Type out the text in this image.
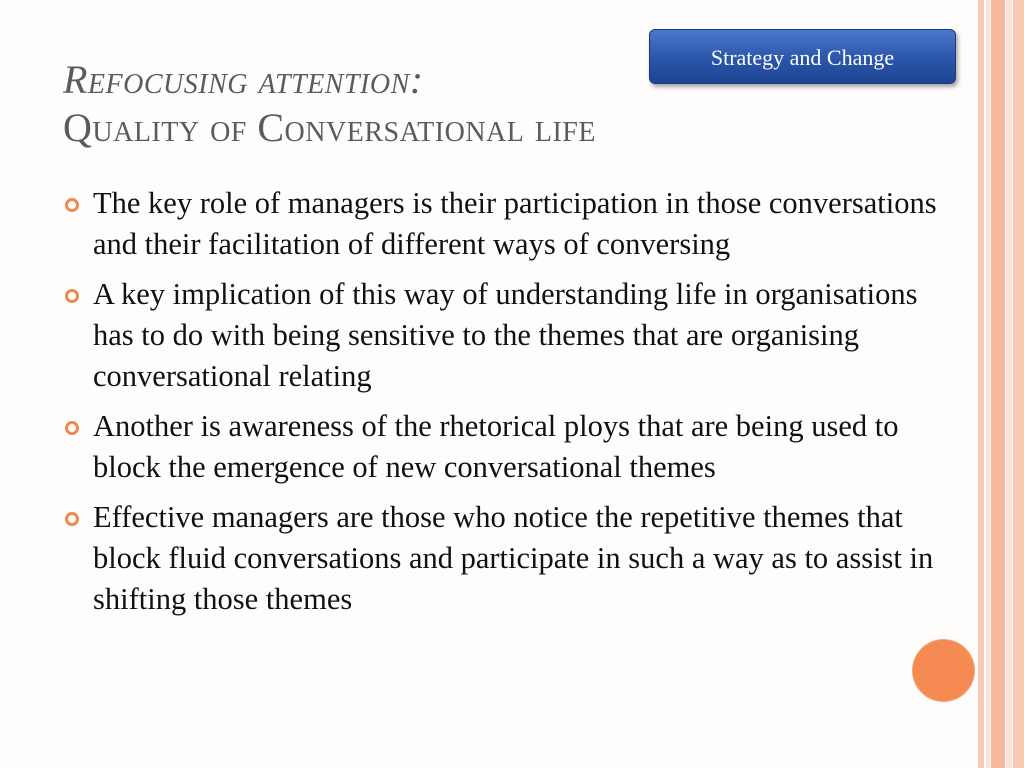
Strategy and Change
Refocusing attention:
Quality of Conversational life
The key role of managers is their participation in those conversations and their facilitation of different ways of conversing
A key implication of this way of understanding life in organisations has to do with being sensitive to the themes that are organising conversational relating
Another is awareness of the rhetorical ploys that are being used to block the emergence of new conversational themes
Effective managers are those who notice the repetitive themes that block fluid conversations and participate in such a way as to assist in shifting those themes
